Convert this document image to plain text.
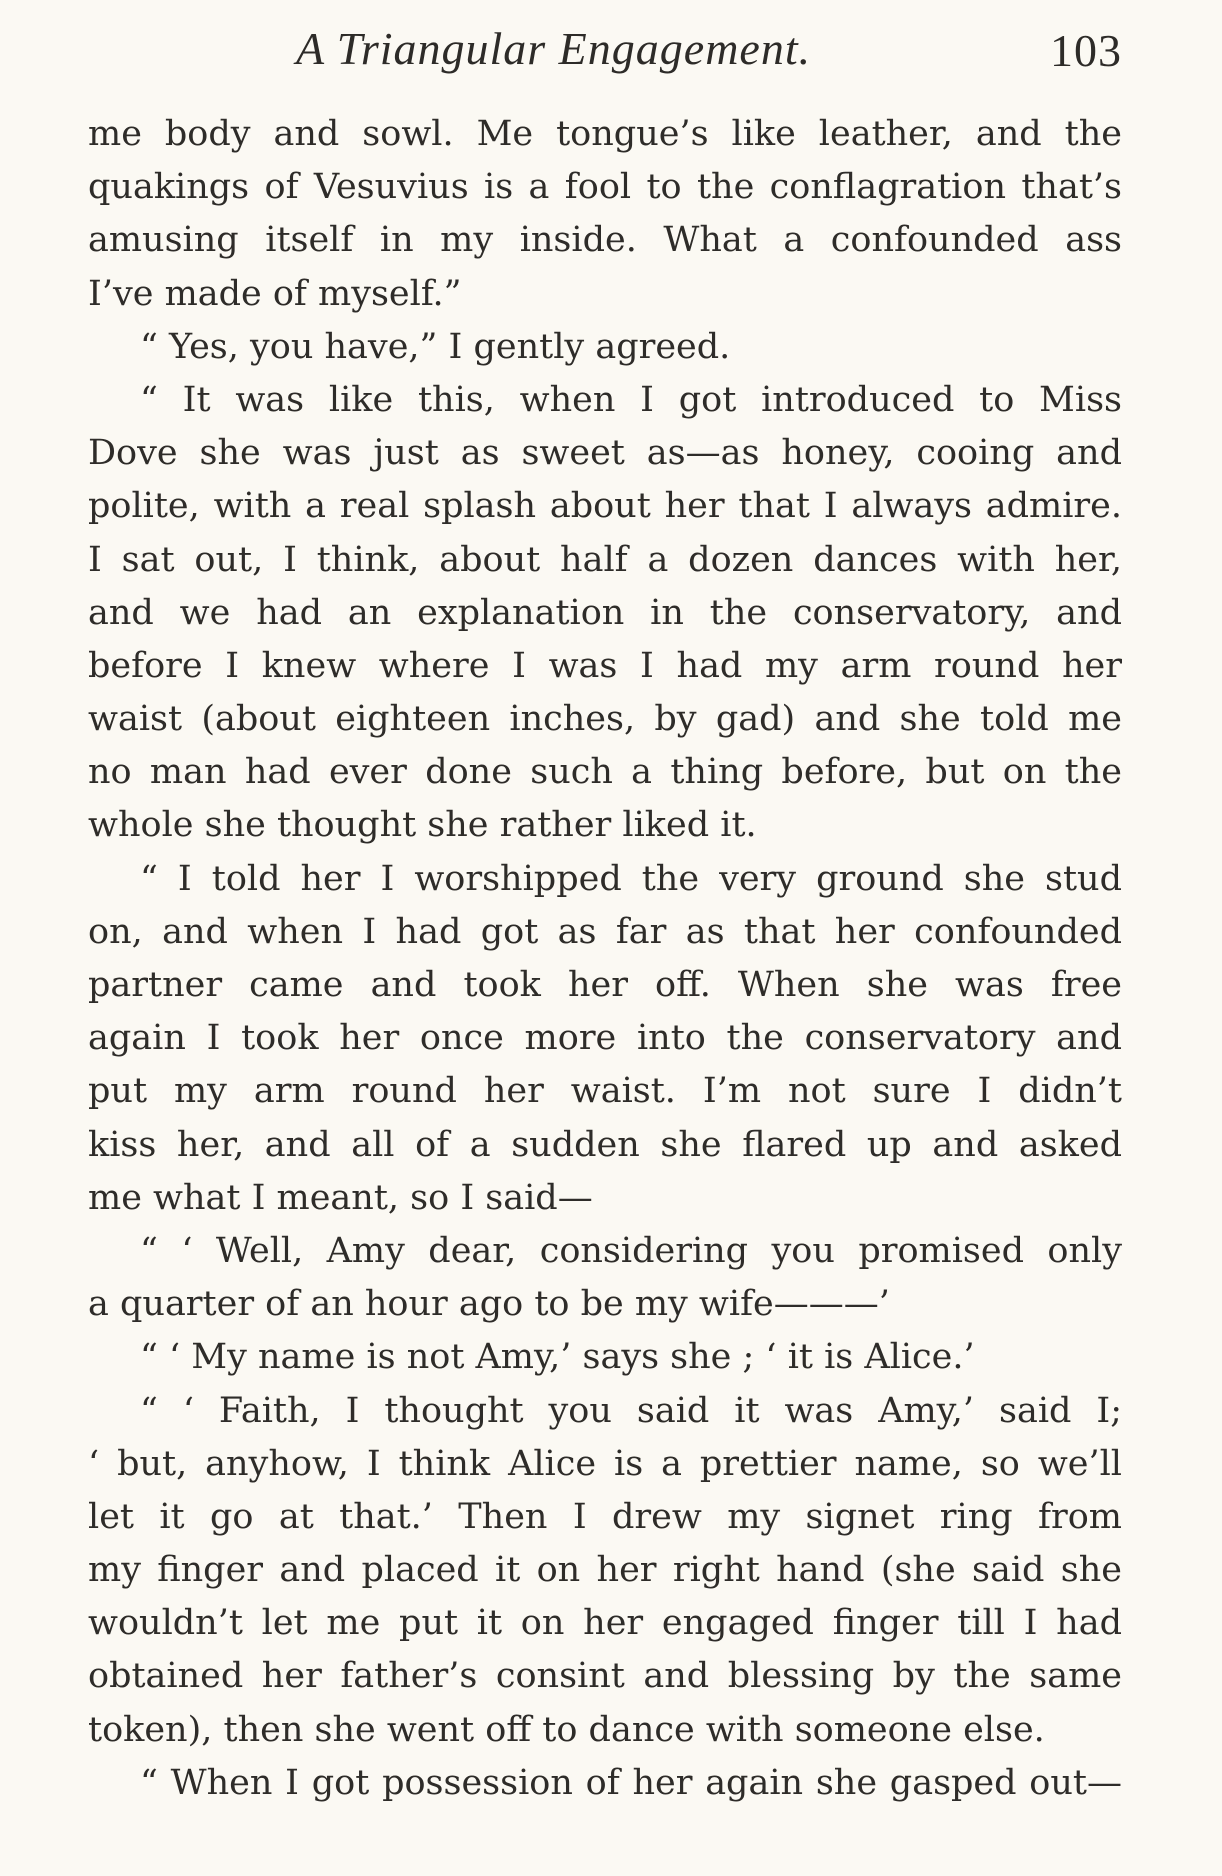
A Triangular Engagement.	103
me body and sowl. Me tongue’s like leather, and the
quakings of Vesuvius is a fool to the conflagration that’s
amusing itself in my inside. What a confounded ass
I’ve made of myself.”
“ Yes, you have,” I gently agreed.
“ It was like this, when I got introduced to Miss
Dove she was just as sweet as—as honey, cooing and
polite, with a real splash about her that I always admire.
I sat out, I think, about half a dozen dances with her,
and we had an explanation in the conservatory, and
before I knew where I was I had my arm round her
waist (about eighteen inches, by gad) and she told me
no man had ever done such a thing before, but on the
whole she thought she rather liked it.
“ I told her I worshipped the very ground she stud
on, and when I had got as far as that her confounded
partner came and took her off. When she was free
again I took her once more into the conservatory and
put my arm round her waist. I’m not sure I didn’t
kiss her, and all of a sudden she flared up and asked
me what I meant, so I said—
“ ‘ Well, Amy dear, considering you promised only
a quarter of an hour ago to be my wife———’
“ ‘ My name is not Amy,’ says she ; ‘ it is Alice.’
“ ‘ Faith, I thought you said it was Amy,’ said I;
‘ but, anyhow, I think Alice is a prettier name, so we’ll
let it go at that.’ Then I drew my signet ring from
my finger and placed it on her right hand (she said she
wouldn’t let me put it on her engaged finger till I had
obtained her father’s consint and blessing by the same
token), then she went off to dance with someone else.
“ When I got possession of her again she gasped out—
